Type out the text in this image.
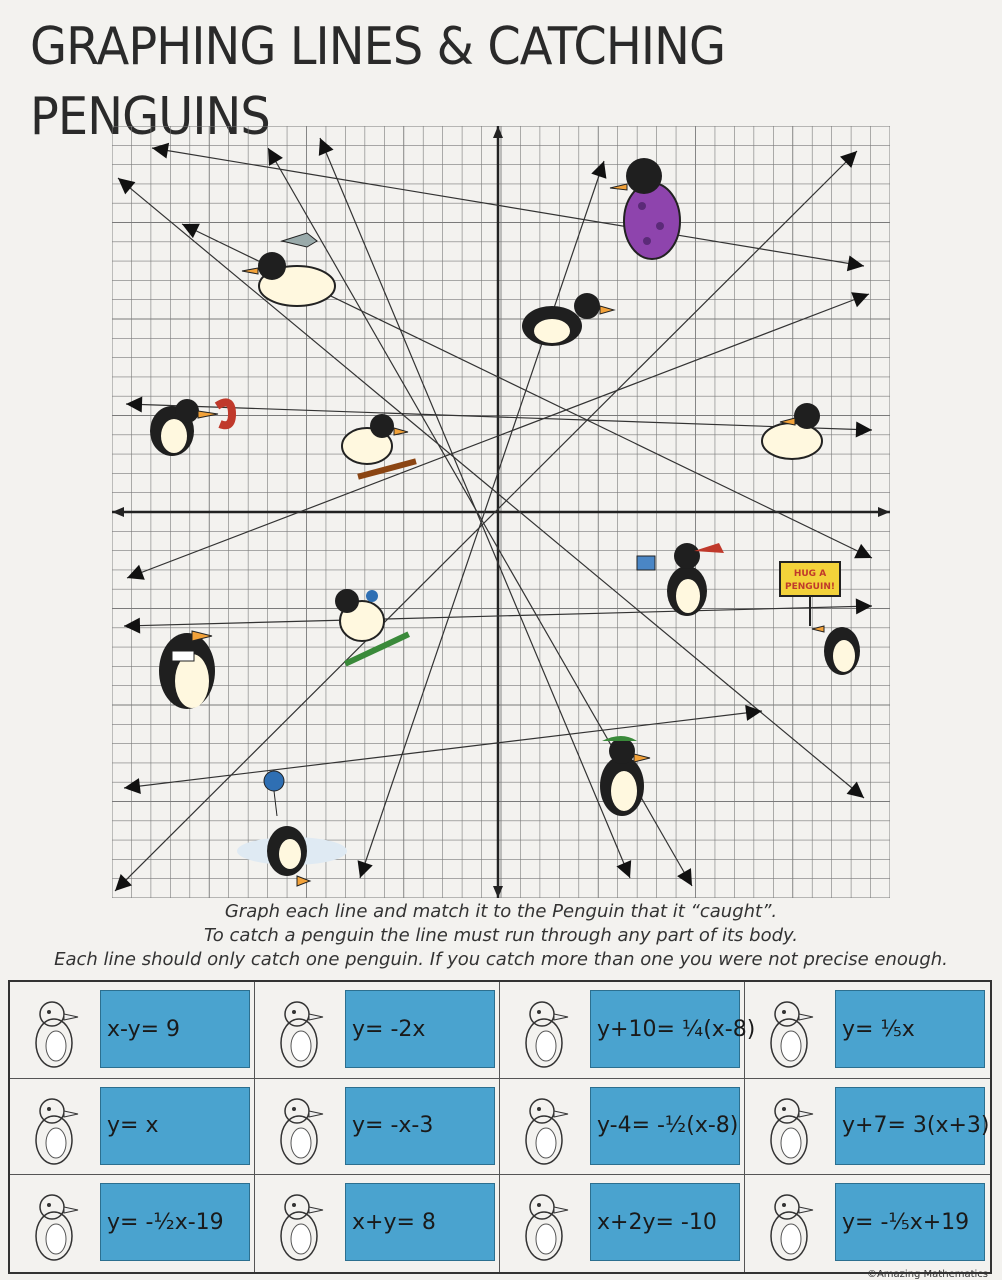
GRAPHING LINES & CATCHING PENGUINS
HUG A
PENGUIN!
Graph each line and match it to the Penguin that it “caught”.
To catch a penguin the line must run through any part of its body.
Each line should only catch one penguin. If you catch more than one you were not precise enough.
x-y= 9	y= -2x	y+10= ¼(x-8)	y= ⅕x
y= x	y= -x-3	y-4= -½(x-8)	y+7= 3(x+3)
y= -½x-19	x+y= 8	x+2y= -10	y= -⅕x+19
©Amazing Mathematics
